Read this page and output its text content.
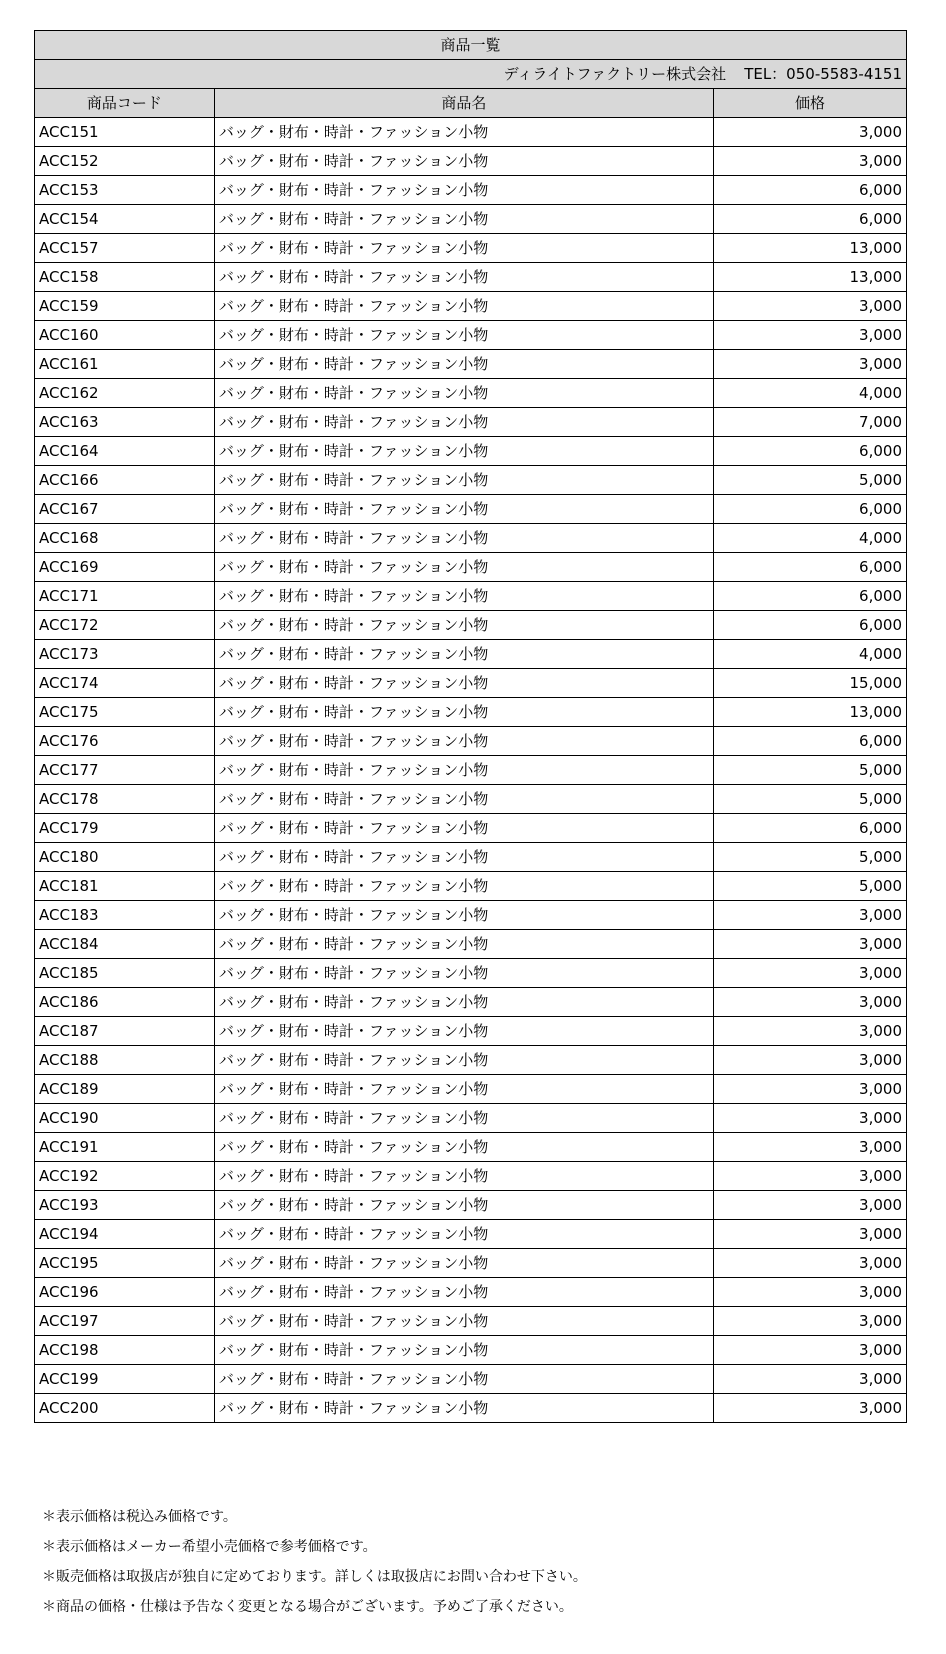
商品一覧		
ディライトファクトリー株式会社 TEL：050-5583-4151		
商品コード	商品名	価格
ACC151	バッグ・財布・時計・ファッション小物	3,000
ACC152	バッグ・財布・時計・ファッション小物	3,000
ACC153	バッグ・財布・時計・ファッション小物	6,000
ACC154	バッグ・財布・時計・ファッション小物	6,000
ACC157	バッグ・財布・時計・ファッション小物	13,000
ACC158	バッグ・財布・時計・ファッション小物	13,000
ACC159	バッグ・財布・時計・ファッション小物	3,000
ACC160	バッグ・財布・時計・ファッション小物	3,000
ACC161	バッグ・財布・時計・ファッション小物	3,000
ACC162	バッグ・財布・時計・ファッション小物	4,000
ACC163	バッグ・財布・時計・ファッション小物	7,000
ACC164	バッグ・財布・時計・ファッション小物	6,000
ACC166	バッグ・財布・時計・ファッション小物	5,000
ACC167	バッグ・財布・時計・ファッション小物	6,000
ACC168	バッグ・財布・時計・ファッション小物	4,000
ACC169	バッグ・財布・時計・ファッション小物	6,000
ACC171	バッグ・財布・時計・ファッション小物	6,000
ACC172	バッグ・財布・時計・ファッション小物	6,000
ACC173	バッグ・財布・時計・ファッション小物	4,000
ACC174	バッグ・財布・時計・ファッション小物	15,000
ACC175	バッグ・財布・時計・ファッション小物	13,000
ACC176	バッグ・財布・時計・ファッション小物	6,000
ACC177	バッグ・財布・時計・ファッション小物	5,000
ACC178	バッグ・財布・時計・ファッション小物	5,000
ACC179	バッグ・財布・時計・ファッション小物	6,000
ACC180	バッグ・財布・時計・ファッション小物	5,000
ACC181	バッグ・財布・時計・ファッション小物	5,000
ACC183	バッグ・財布・時計・ファッション小物	3,000
ACC184	バッグ・財布・時計・ファッション小物	3,000
ACC185	バッグ・財布・時計・ファッション小物	3,000
ACC186	バッグ・財布・時計・ファッション小物	3,000
ACC187	バッグ・財布・時計・ファッション小物	3,000
ACC188	バッグ・財布・時計・ファッション小物	3,000
ACC189	バッグ・財布・時計・ファッション小物	3,000
ACC190	バッグ・財布・時計・ファッション小物	3,000
ACC191	バッグ・財布・時計・ファッション小物	3,000
ACC192	バッグ・財布・時計・ファッション小物	3,000
ACC193	バッグ・財布・時計・ファッション小物	3,000
ACC194	バッグ・財布・時計・ファッション小物	3,000
ACC195	バッグ・財布・時計・ファッション小物	3,000
ACC196	バッグ・財布・時計・ファッション小物	3,000
ACC197	バッグ・財布・時計・ファッション小物	3,000
ACC198	バッグ・財布・時計・ファッション小物	3,000
ACC199	バッグ・財布・時計・ファッション小物	3,000
ACC200	バッグ・財布・時計・ファッション小物	3,000
＊表示価格は税込み価格です。
＊表示価格はメーカー希望小売価格で参考価格です。
＊販売価格は取扱店が独自に定めております。詳しくは取扱店にお問い合わせ下さい。
＊商品の価格・仕様は予告なく変更となる場合がございます。予めご了承ください。
